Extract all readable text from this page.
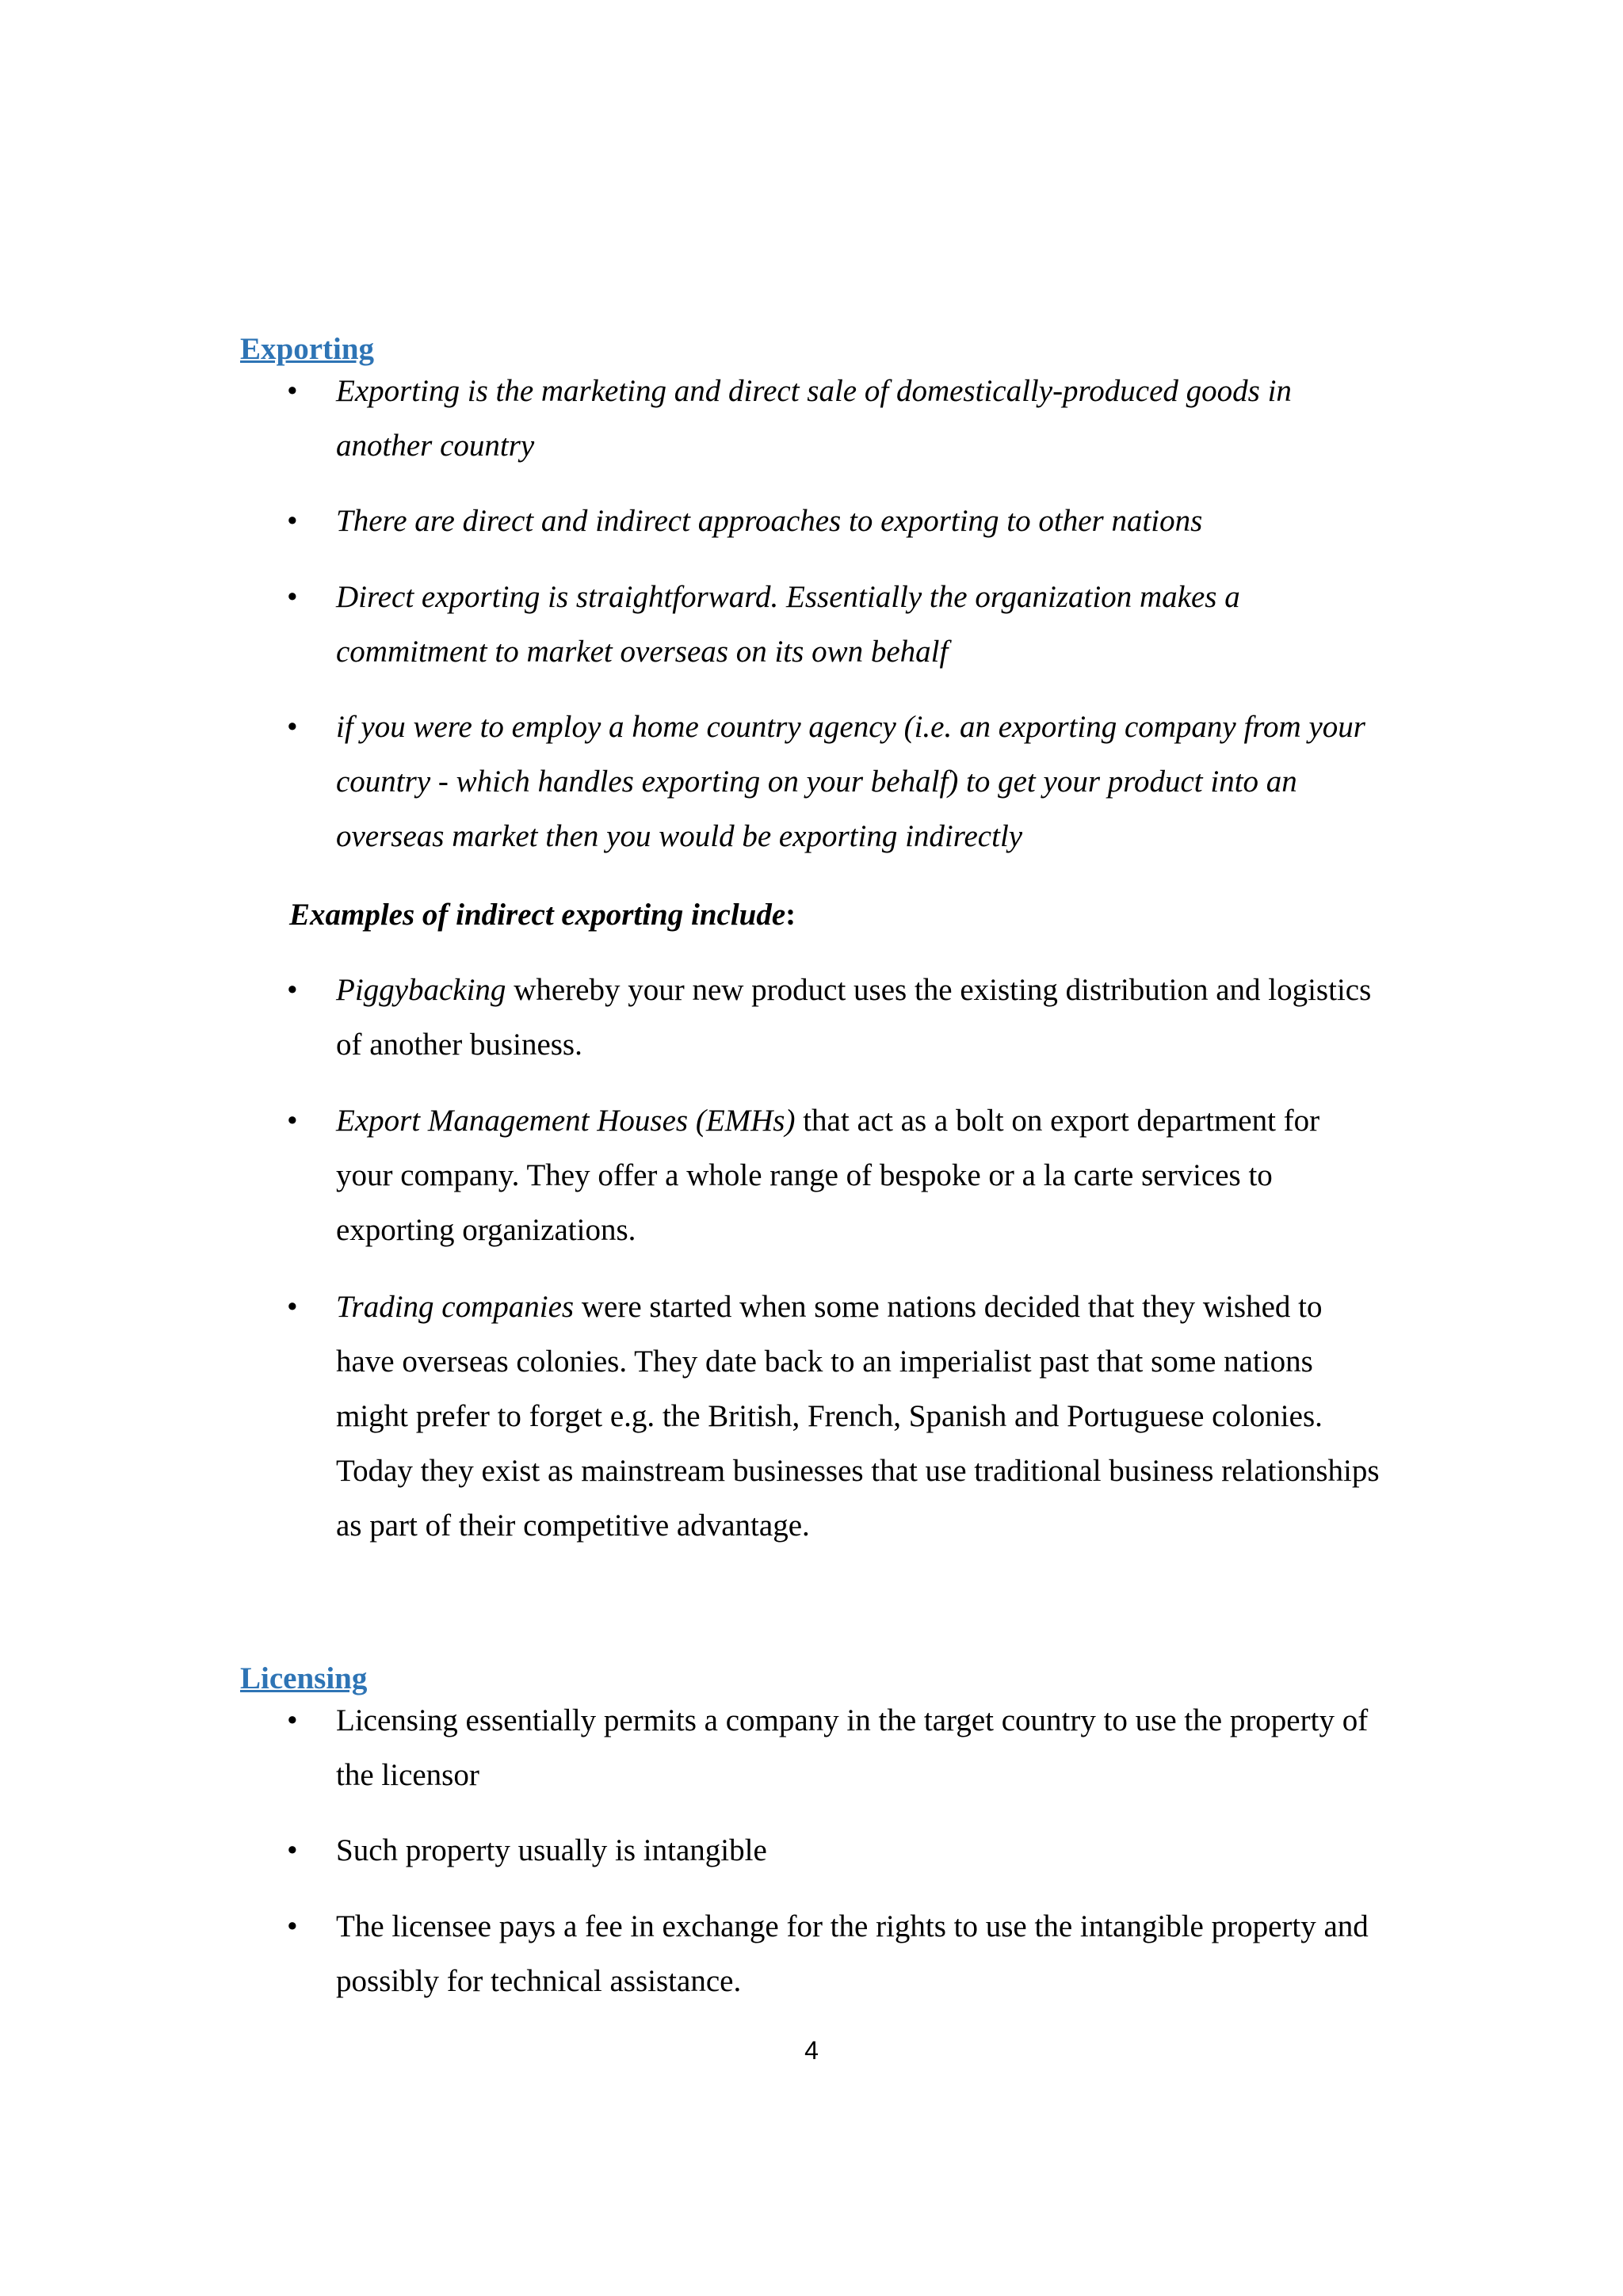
Exporting
• Exporting is the marketing and direct sale of domestically-produced goods in another country

• There are direct and indirect approaches to exporting to other nations

• Direct exporting is straightforward. Essentially the organization makes a commitment to market overseas on its own behalf

• if you were to employ a home country agency (i.e. an exporting company from your country - which handles exporting on your behalf) to get your product into an overseas market then you would be exporting indirectly

Examples of indirect exporting include:
• Piggybacking whereby your new product uses the existing distribution and logistics of another business.

• Export Management Houses (EMHs) that act as a bolt on export department for your company. They offer a whole range of bespoke or a la carte services to exporting organizations.

• Trading companies were started when some nations decided that they wished to have overseas colonies. They date back to an imperialist past that some nations might prefer to forget e.g. the British, French, Spanish and Portuguese colonies. Today they exist as mainstream businesses that use traditional business relationships as part of their competitive advantage.

Licensing
• Licensing essentially permits a company in the target country to use the property of the licensor

• Such property usually is intangible

• The licensee pays a fee in exchange for the rights to use the intangible property and possibly for technical assistance.

4
